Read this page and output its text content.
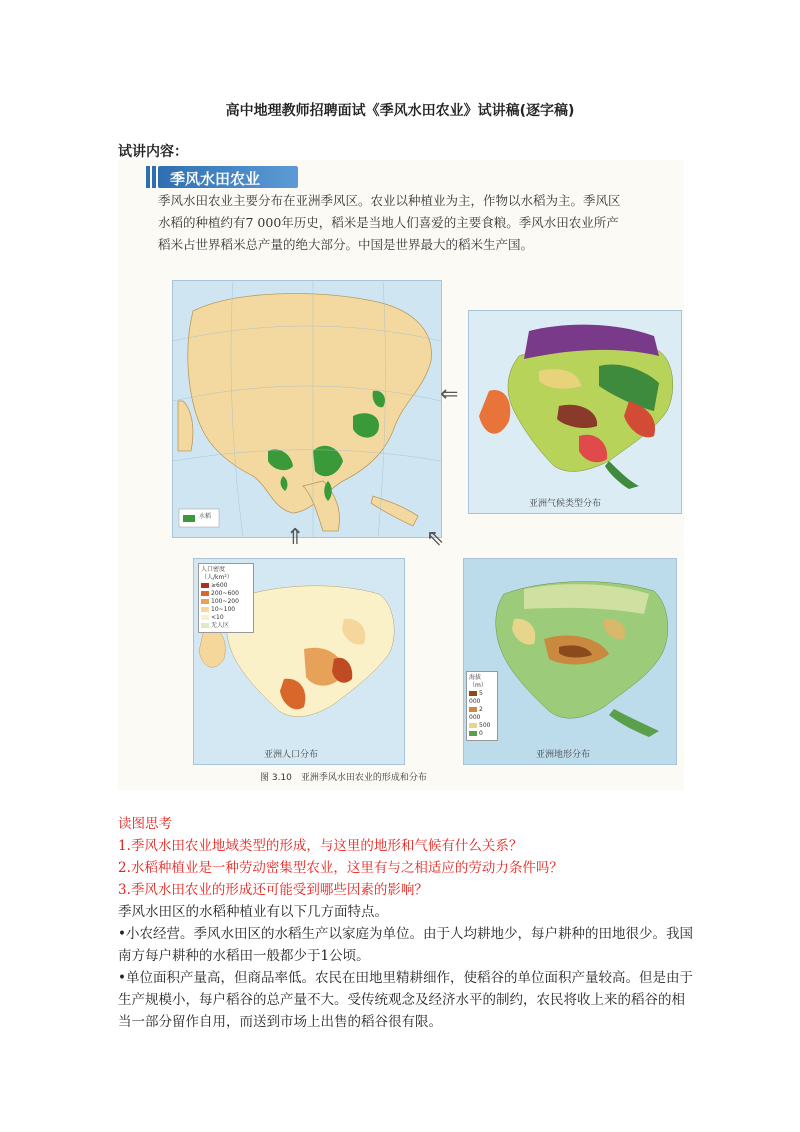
高中地理教师招聘面试《季风水田农业》试讲稿(逐字稿)
试讲内容：
季风水田农业
季风水田农业主要分布在亚洲季风区。农业以种植业为主，作物以水稻为主。季风区水稻的种植约有7 000年历史，稻米是当地人们喜爱的主要食粮。季风水田农业所产稻米占世界稻米总产量的绝大部分。中国是世界最大的稻米生产国。
水稻
⇐
⇑	⇖
亚洲气候类型分布
人口密度（人/km²）
≥600
200~600
100~200
10~100
<10
无人区
亚洲人口分布
海拔（m）
5 000
2 000
500
0
亚洲地形分布
图 3.10　亚洲季风水田农业的形成和分布
读图思考
1.季风水田农业地域类型的形成，与这里的地形和气候有什么关系？
2.水稻种植业是一种劳动密集型农业，这里有与之相适应的劳动力条件吗？
3.季风水田农业的形成还可能受到哪些因素的影响？
季风水田区的水稻种植业有以下几方面特点。
•小农经营。季风水田区的水稻生产以家庭为单位。由于人均耕地少，每户耕种的田地很少。我国南方每户耕种的水稻田一般都少于1公顷。
•单位面积产量高，但商品率低。农民在田地里精耕细作，使稻谷的单位面积产量较高。但是由于生产规模小，每户稻谷的总产量不大。受传统观念及经济水平的制约，农民将收上来的稻谷的相当一部分留作自用，而送到市场上出售的稻谷很有限。
